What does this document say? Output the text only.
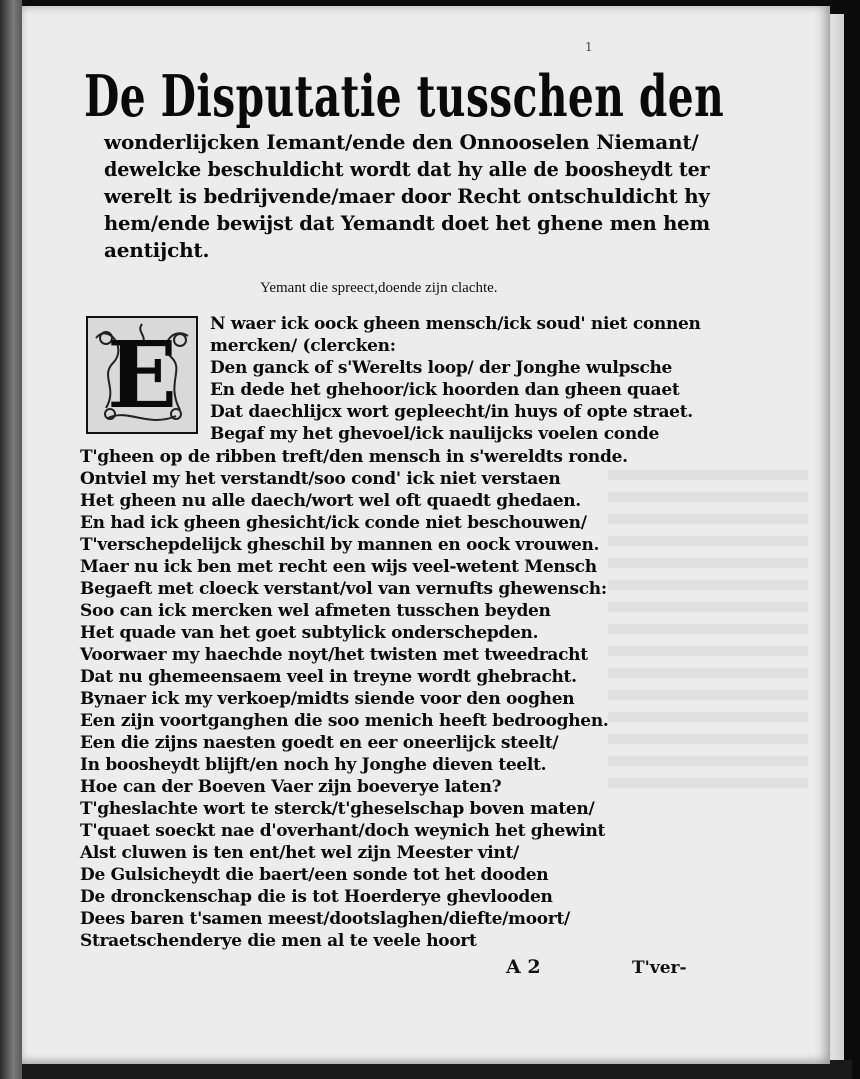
1
De Disputatie tusschen den
wonderlijcken Iemant/ende den Onnooselen Niemant/
dewelcke beschuldicht wordt dat hy alle de boosheydt ter
werelt is bedrijvende/maer door Recht ontschuldicht hy
hem/ende bewijst dat Yemandt doet het ghene men hem
aentijcht.
Yemant die spreect,doende zijn clachte.
E	N waer ick oock gheen mensch/ick soud' niet connen
mercken/ (clercken:
Den ganck of s'Werelts loop/ der Jonghe wulpsche
En dede het ghehoor/ick hoorden dan gheen quaet
Dat daechlijcx wort gepleecht/in huys of opte straet.
Begaf my het ghevoel/ick naulijcks voelen conde
T'gheen op de ribben treft/den mensch in s'wereldts ronde.
Ontviel my het verstandt/soo cond' ick niet verstaen
Het gheen nu alle daech/wort wel oft quaedt ghedaen.
En had ick gheen ghesicht/ick conde niet beschouwen/
T'verschepdelijck gheschil by mannen en oock vrouwen.
Maer nu ick ben met recht een wijs veel-wetent Mensch
Begaeft met cloeck verstant/vol van vernufts ghewensch:
Soo can ick mercken wel afmeten tusschen beyden
Het quade van het goet subtylick onderschepden.
Voorwaer my haechde noyt/het twisten met tweedracht
Dat nu ghemeensaem veel in treyne wordt ghebracht.
Bynaer ick my verkoep/midts siende voor den ooghen
Een zijn voortganghen die soo menich heeft bedrooghen.
Een die zijns naesten goedt en eer oneerlijck steelt/
In boosheydt blijft/en noch hy Jonghe dieven teelt.
Hoe can der Boeven Vaer zijn boeverye laten?
T'gheslachte wort te sterck/t'gheselschap boven maten/
T'quaet soeckt nae d'overhant/doch weynich het ghewint
Alst cluwen is ten ent/het wel zijn Meester vint/
De Gulsicheydt die baert/een sonde tot het dooden
De dronckenschap die is tot Hoerderye ghevlooden
Dees baren t'samen meest/dootslaghen/diefte/moort/
Straetschenderye die men al te veele hoort
A 2	T'ver-
